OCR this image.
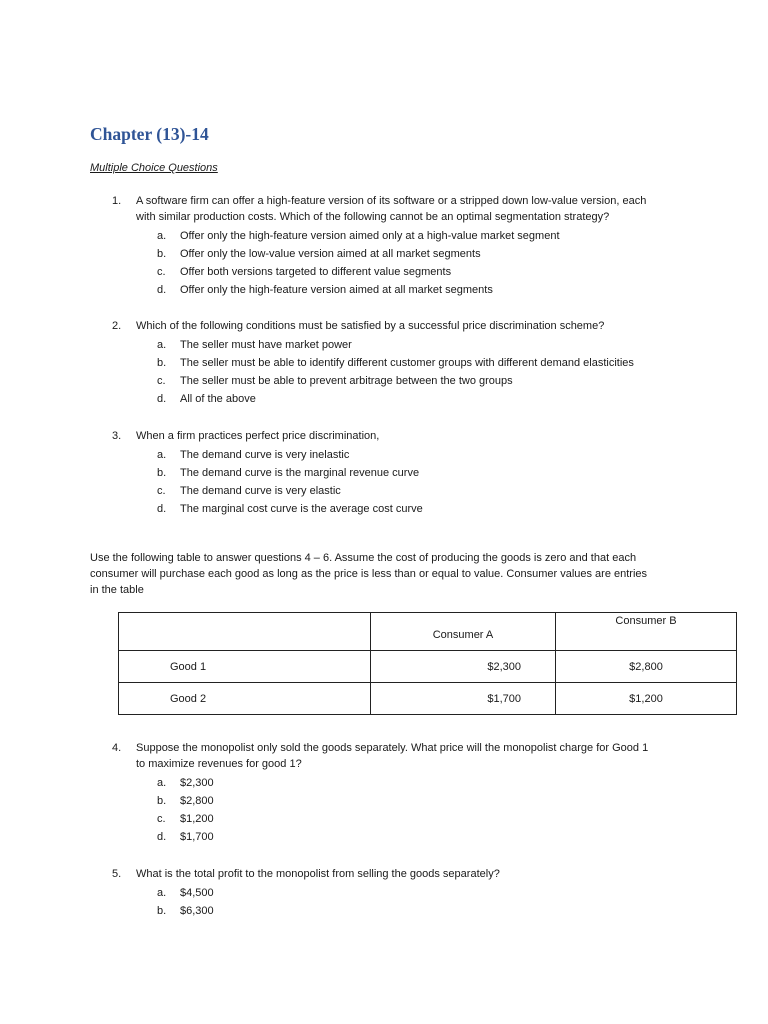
Chapter (13)-14

Multiple Choice Questions

1.	A software firm can offer a high-feature version of its software or a stripped down low-value version, each
with similar production costs. Which of the following cannot be an optimal segmentation strategy?
a.	Offer only the high-feature version aimed only at a high-value market segment
b.	Offer only the low-value version aimed at all market segments
c.	Offer both versions targeted to different value segments
d.	Offer only the high-feature version aimed at all market segments
2.	Which of the following conditions must be satisfied by a successful price discrimination scheme?
a.	The seller must have market power
b.	The seller must be able to identify different customer groups with different demand elasticities
c.	The seller must be able to prevent arbitrage between the two groups
d.	All of the above
3.	When a firm practices perfect price discrimination,
a.	The demand curve is very inelastic
b.	The demand curve is the marginal revenue curve
c.	The demand curve is very elastic
d.	The marginal cost curve is the average cost curve

Use the following table to answer questions 4 – 6. Assume the cost of producing the goods is zero and that each
consumer will purchase each good as long as the price is less than or equal to value. Consumer values are entries
in the table

	Consumer A	Consumer B
Good 1	$2,300	$2,800
Good 2	$1,700	$1,200
4.	Suppose the monopolist only sold the goods separately. What price will the monopolist charge for Good 1
to maximize revenues for good 1?
a.	$2,300
b.	$2,800
c.	$1,200
d.	$1,700
5.	What is the total profit to the monopolist from selling the goods separately?
a.	$4,500
b.	$6,300
